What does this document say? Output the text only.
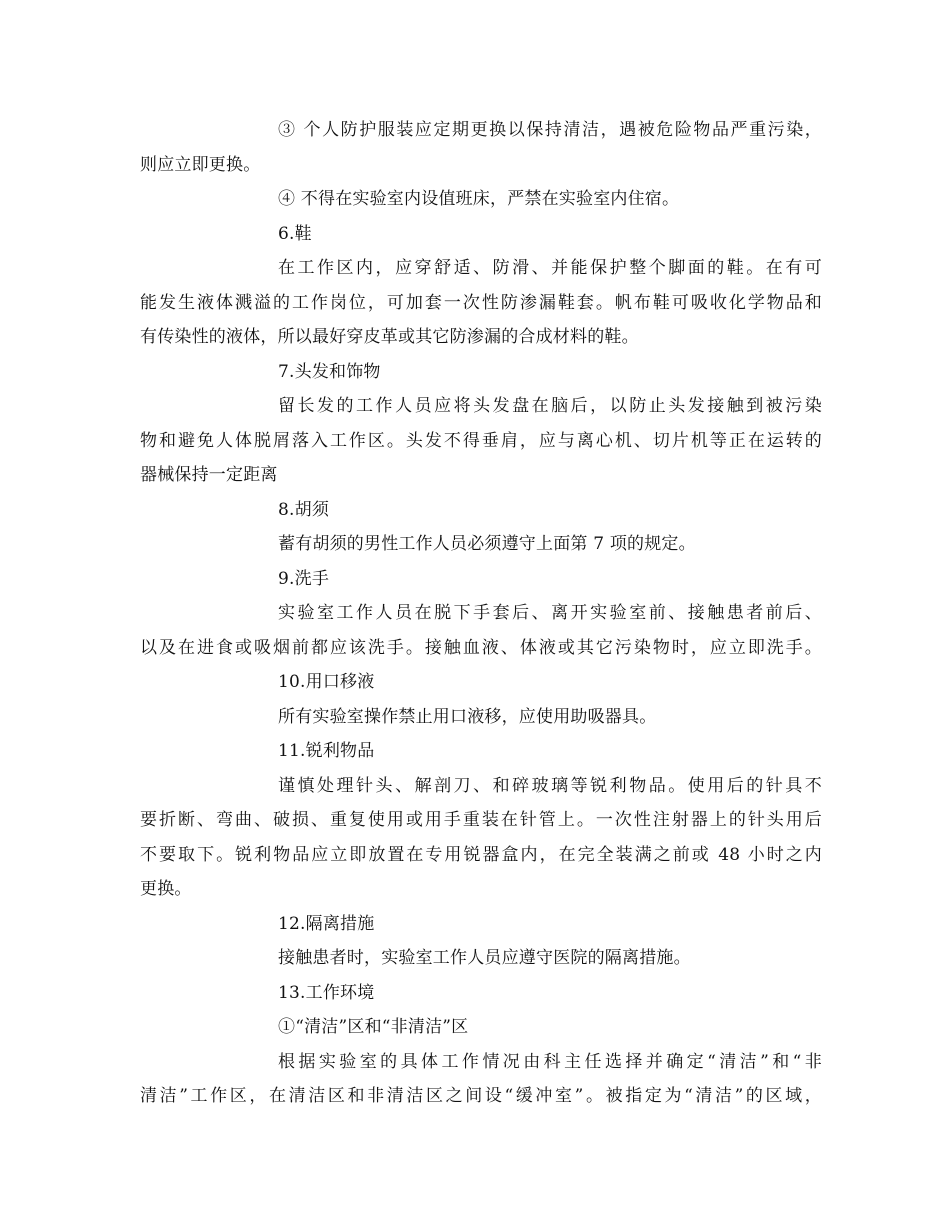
③ 个人防护服装应定期更换以保持清洁，遇被危险物品严重污染，
则应立即更换。
④ 不得在实验室内设值班床，严禁在实验室内住宿。
6.鞋
在工作区内，应穿舒适、防滑、并能保护整个脚面的鞋。在有可
能发生液体溅溢的工作岗位，可加套一次性防渗漏鞋套。帆布鞋可吸收化学物品和
有传染性的液体，所以最好穿皮革或其它防渗漏的合成材料的鞋。
7.头发和饰物
留长发的工作人员应将头发盘在脑后，以防止头发接触到被污染
物和避免人体脱屑落入工作区。头发不得垂肩，应与离心机、切片机等正在运转的
器械保持一定距离
8.胡须
蓄有胡须的男性工作人员必须遵守上面第 7 项的规定。
9.洗手
实验室工作人员在脱下手套后、离开实验室前、接触患者前后、
以及在进食或吸烟前都应该洗手。接触血液、体液或其它污染物时，应立即洗手。
10.用口移液
所有实验室操作禁止用口液移，应使用助吸器具。
11.锐利物品
谨慎处理针头、解剖刀、和碎玻璃等锐利物品。使用后的针具不
要折断、弯曲、破损、重复使用或用手重装在针管上。一次性注射器上的针头用后
不要取下。锐利物品应立即放置在专用锐器盒内，在完全装满之前或 48 小时之内
更换。
12.隔离措施
接触患者时，实验室工作人员应遵守医院的隔离措施。
13.工作环境
①“清洁”区和“非清洁”区
根据实验室的具体工作情况由科主任选择并确定“清洁”和“非
清洁”工作区，在清洁区和非清洁区之间设“缓冲室”。被指定为“清洁”的区域，
